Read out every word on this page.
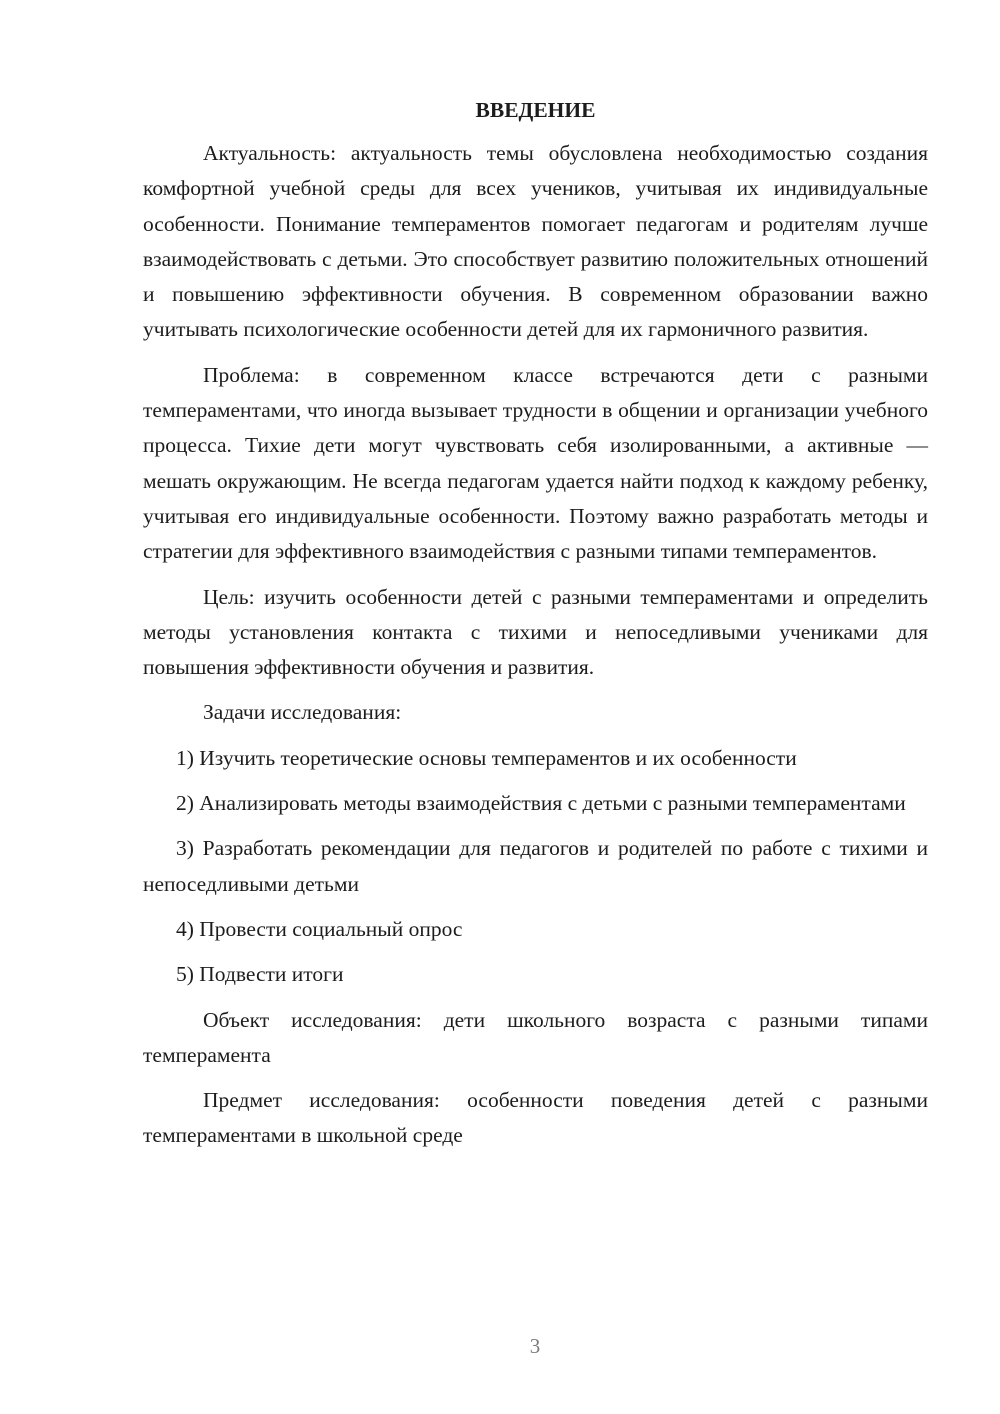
ВВЕДЕНИЕ

Актуальность: актуальность темы обусловлена необходимостью создания комфортной учебной среды для всех учеников, учитывая их индивидуальные особенности. Понимание темпераментов помогает педагогам и родителям лучше взаимодействовать с детьми. Это способствует развитию положительных отношений и повышению эффективности обучения. В современном образовании важно учитывать психологические особенности детей для их гармоничного развития.

Проблема: в современном классе встречаются дети с разными темпераментами, что иногда вызывает трудности в общении и организации учебного процесса. Тихие дети могут чувствовать себя изолированными, а активные — мешать окружающим. Не всегда педагогам удается найти подход к каждому ребенку, учитывая его индивидуальные особенности. Поэтому важно разработать методы и стратегии для эффективного взаимодействия с разными типами темпераментов.

Цель: изучить особенности детей с разными темпераментами и определить методы установления контакта с тихими и непоседливыми учениками для повышения эффективности обучения и развития.

Задачи исследования:

1) Изучить теоретические основы темпераментов и их особенности

2) Анализировать методы взаимодействия с детьми с разными темпераментами

3) Разработать рекомендации для педагогов и родителей по работе с тихими и непоседливыми детьми

4) Провести социальный опрос

5) Подвести итоги

Объект исследования: дети школьного возраста с разными типами темперамента

Предмет исследования: особенности поведения детей с разными темпераментами в школьной среде

3
